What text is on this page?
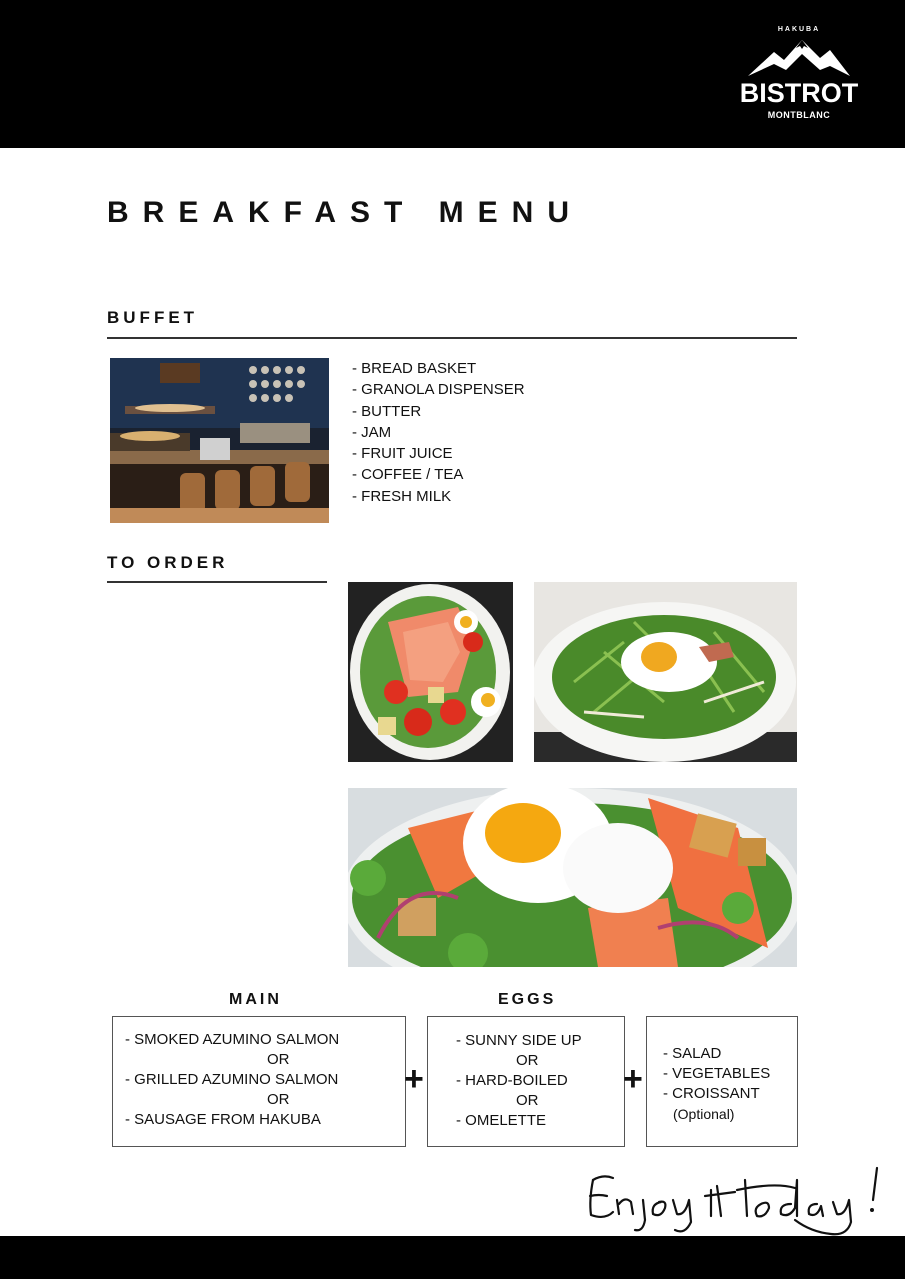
HAKUBA
BISTROT
MONTBLANC
BREAKFAST MENU
BUFFET
- BREAD BASKET
- GRANOLA DISPENSER
- BUTTER
- JAM
- FRUIT JUICE
- COFFEE / TEA
- FRESH MILK
TO ORDER
MAIN	EGGS
- SMOKED AZUMINO SALMON
OR
- GRILLED AZUMINO SALMON
OR
- SAUSAGE FROM HAKUBA
+
- SUNNY SIDE UP
OR
- HARD-BOILED
OR
- OMELETTE
+
- SALAD
- VEGETABLES
- CROISSANT
(Optional)
